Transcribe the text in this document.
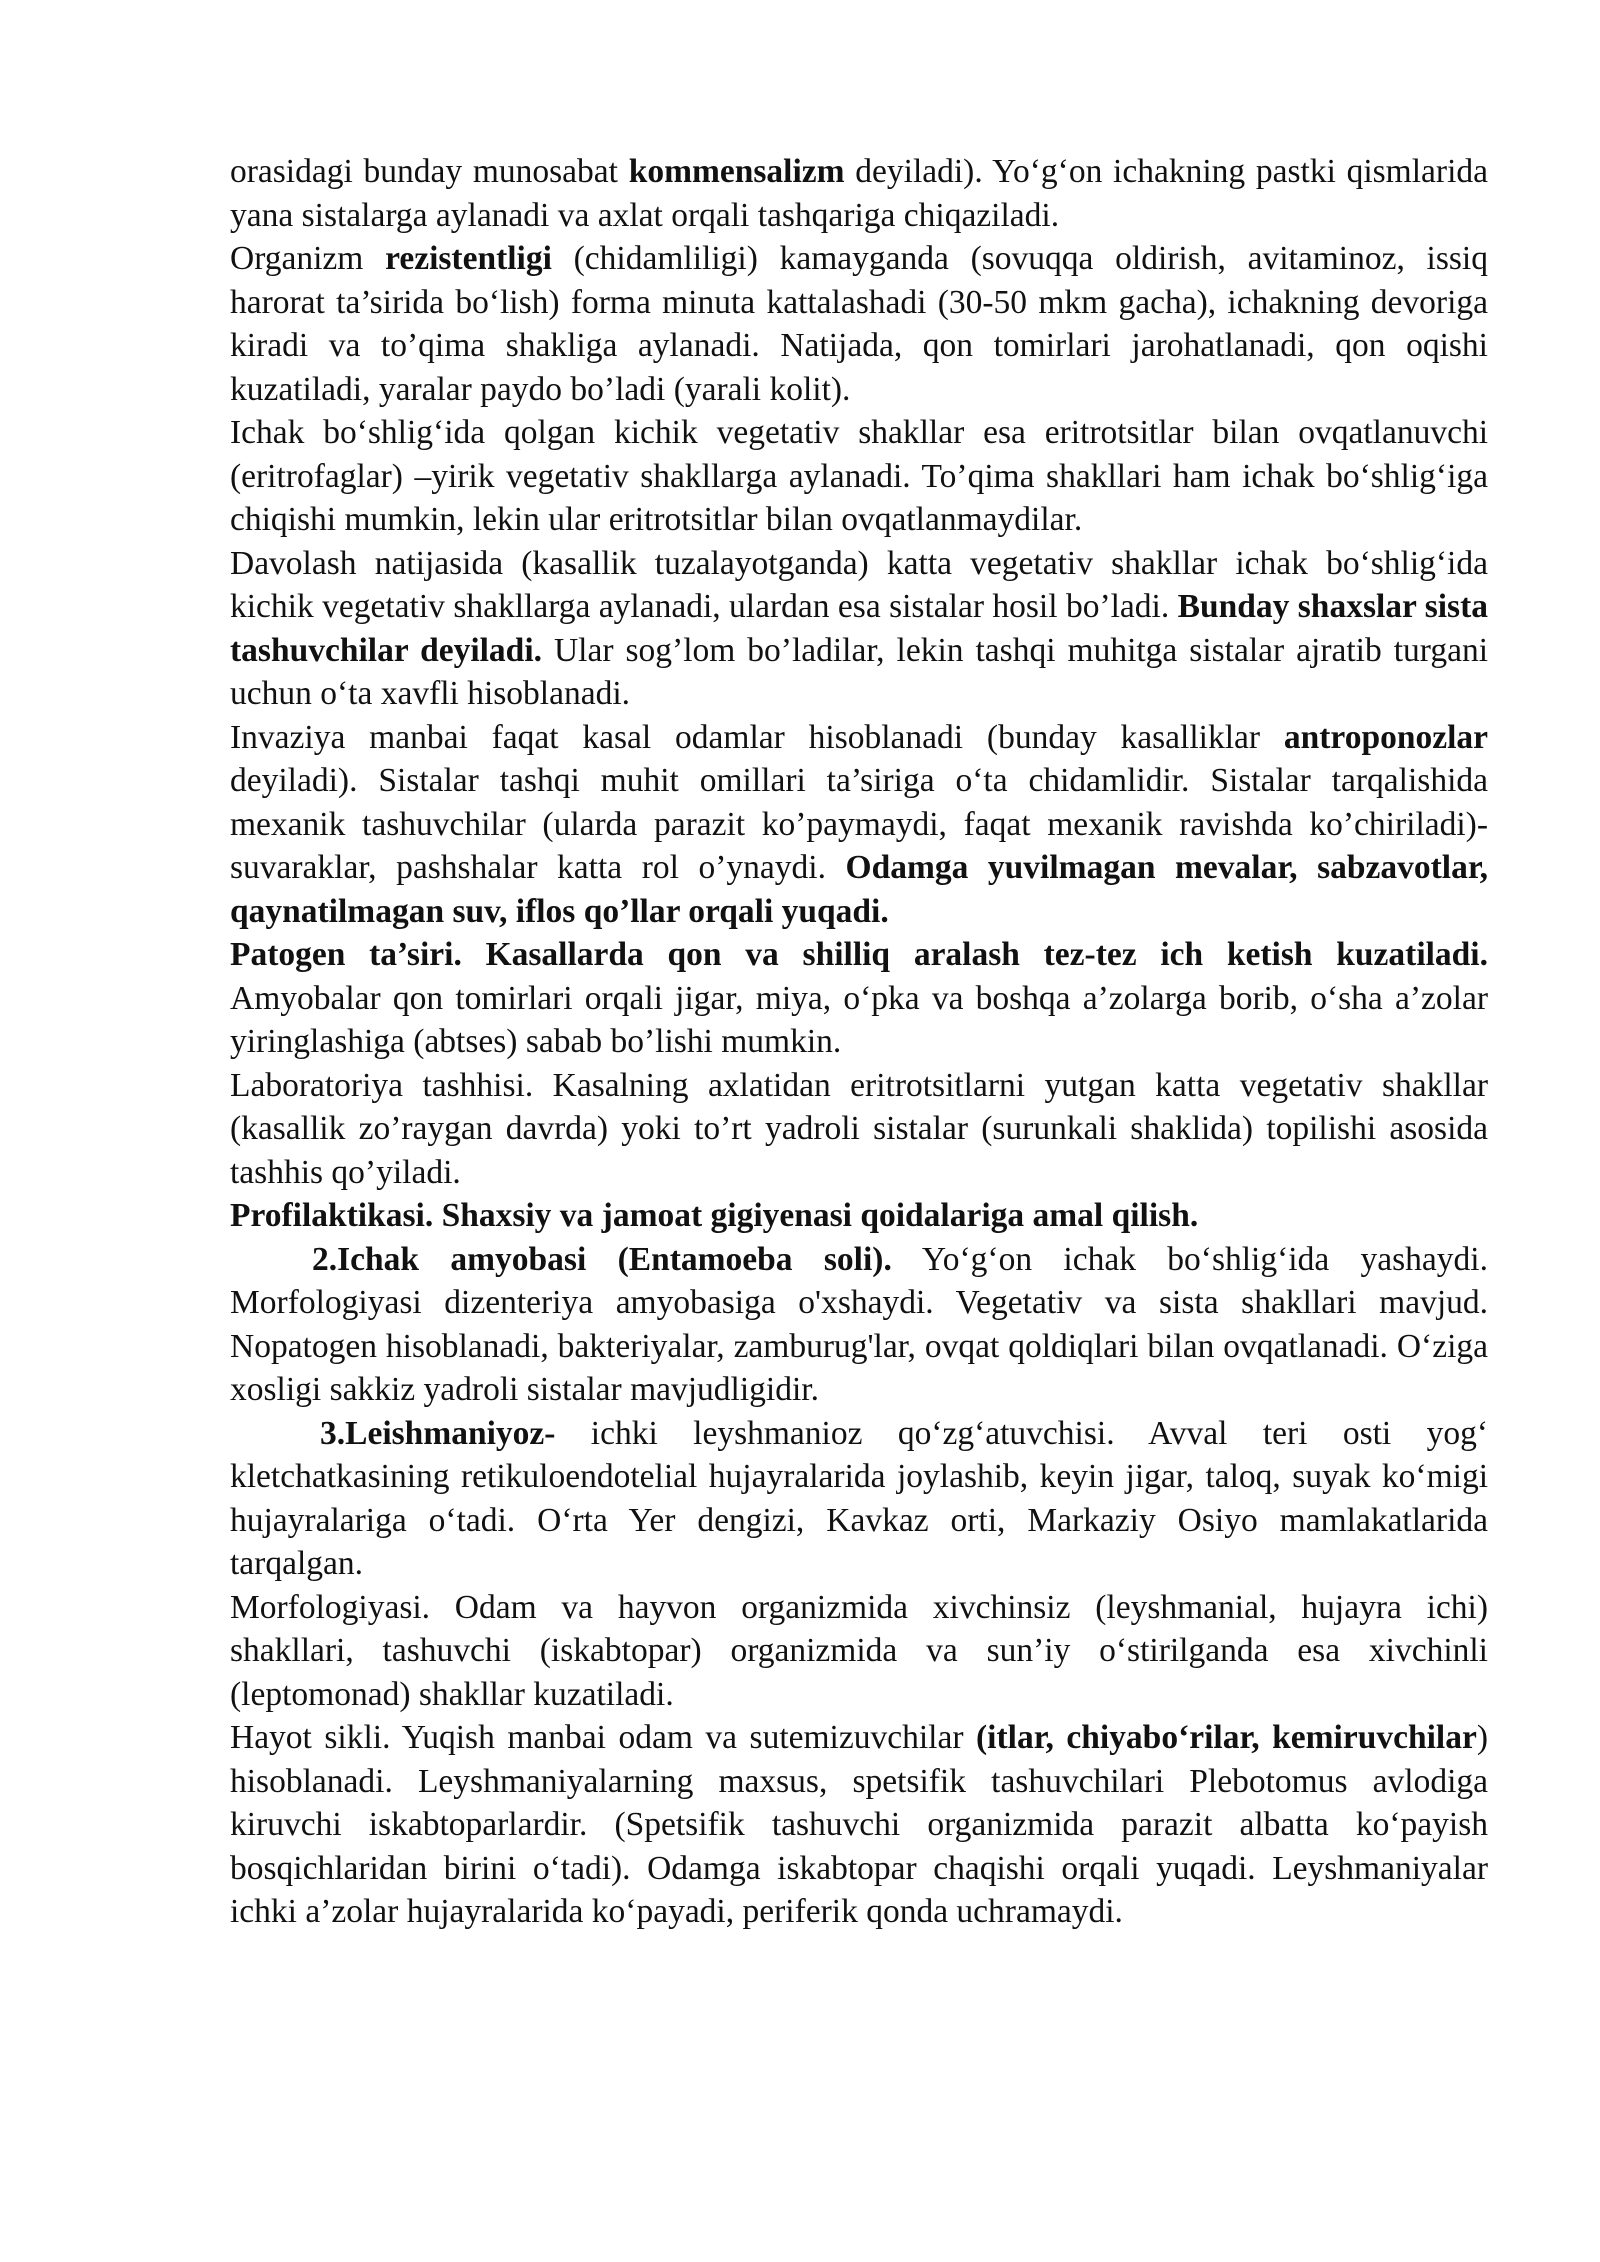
orasidagi bunday munosabat kommensalizm deyiladi). Yo‘g‘on ichakning pastki qismlarida yana sistalarga aylanadi va axlat orqali tashqariga chiqaziladi.

Organizm rezistentligi (chidamliligi) kamayganda (sovuqqa oldirish, avitaminoz, issiq harorat ta’sirida bo‘lish) forma minuta kattalashadi (30-50 mkm gacha), ichakning devoriga kiradi va to’qima shakliga aylanadi. Natijada, qon tomirlari jarohatlanadi, qon oqishi kuzatiladi, yaralar paydo bo’ladi (yarali kolit).

Ichak bo‘shlig‘ida qolgan kichik vegetativ shakllar esa eritrotsitlar bilan ovqatlanuvchi (eritrofaglar) –yirik vegetativ shakllarga aylanadi. To’qima shakllari ham ichak bo‘shlig‘iga chiqishi mumkin, lekin ular eritrotsitlar bilan ovqatlanmaydilar.

Davolash natijasida (kasallik tuzalayotganda) katta vegetativ shakllar ichak bo‘shlig‘ida kichik vegetativ shakllarga aylanadi, ulardan esa sistalar hosil bo’ladi. Bunday shaxslar sista tashuvchilar deyiladi. Ular sog’lom bo’ladilar, lekin tashqi muhitga sistalar ajratib turgani uchun o‘ta xavfli hisoblanadi.

Invaziya manbai faqat kasal odamlar hisoblanadi (bunday kasalliklar antroponozlar deyiladi). Sistalar tashqi muhit omillari ta’siriga o‘ta chidamlidir. Sistalar tarqalishida mexanik tashuvchilar (ularda parazit ko’paymaydi, faqat mexanik ravishda ko’chiriladi)-suvaraklar, pashshalar katta rol o’ynaydi. Odamga yuvilmagan mevalar, sabzavotlar, qaynatilmagan suv, iflos qo’llar orqali yuqadi.

Patogen ta’siri. Kasallarda qon va shilliq aralash tez-tez ich ketish kuzatiladi. Amyobalar qon tomirlari orqali jigar, miya, o‘pka va boshqa a’zolarga borib, o‘sha a’zolar yiringlashiga (abtses) sabab bo’lishi mumkin.

Laboratoriya tashhisi. Kasalning axlatidan eritrotsitlarni yutgan katta vegetativ shakllar (kasallik zo’raygan davrda) yoki to’rt yadroli sistalar (surunkali shaklida) topilishi asosida tashhis qo’yiladi.

Profilaktikasi. Shaxsiy va jamoat gigiyenasi qoidalariga amal qilish.

2.Ichak amyobasi (Entamoeba soli). Yo‘g‘on ichak bo‘shlig‘ida yashaydi. Morfologiyasi dizenteriya amyobasiga o'xshaydi. Vegetativ va sista shakllari mavjud. Nopatogen hisoblanadi, bakteriyalar, zamburug'lar, ovqat qoldiqlari bilan ovqatlanadi. O‘ziga xosligi sakkiz yadroli sistalar mavjudligidir.

3.Leishmaniyoz- ichki leyshmanioz qo‘zg‘atuvchisi. Avval teri osti yog‘ kletchatkasining retikuloendotelial hujayralarida joylashib, keyin jigar, taloq, suyak ko‘migi hujayralariga o‘tadi. O‘rta Yer dengizi, Kavkaz orti, Markaziy Osiyo mamlakatlarida tarqalgan.

Morfologiyasi. Odam va hayvon organizmida xivchinsiz (leyshmanial, hujayra ichi) shakllari, tashuvchi (iskabtopar) organizmida va sun’iy o‘stirilganda esa xivchinli (leptomonad) shakllar kuzatiladi.

Hayot sikli. Yuqish manbai odam va sutemizuvchilar (itlar, chiyabo‘rilar, kemiruvchilar) hisoblanadi. Leyshmaniyalarning maxsus, spetsifik tashuvchilari Plebotomus avlodiga kiruvchi iskabtoparlardir. (Spetsifik tashuvchi organizmida parazit albatta ko‘payish bosqichlaridan birini o‘tadi). Odamga iskabtopar chaqishi orqali yuqadi. Leyshmaniyalar ichki a’zolar hujayralarida ko‘payadi, periferik qonda uchramaydi.
